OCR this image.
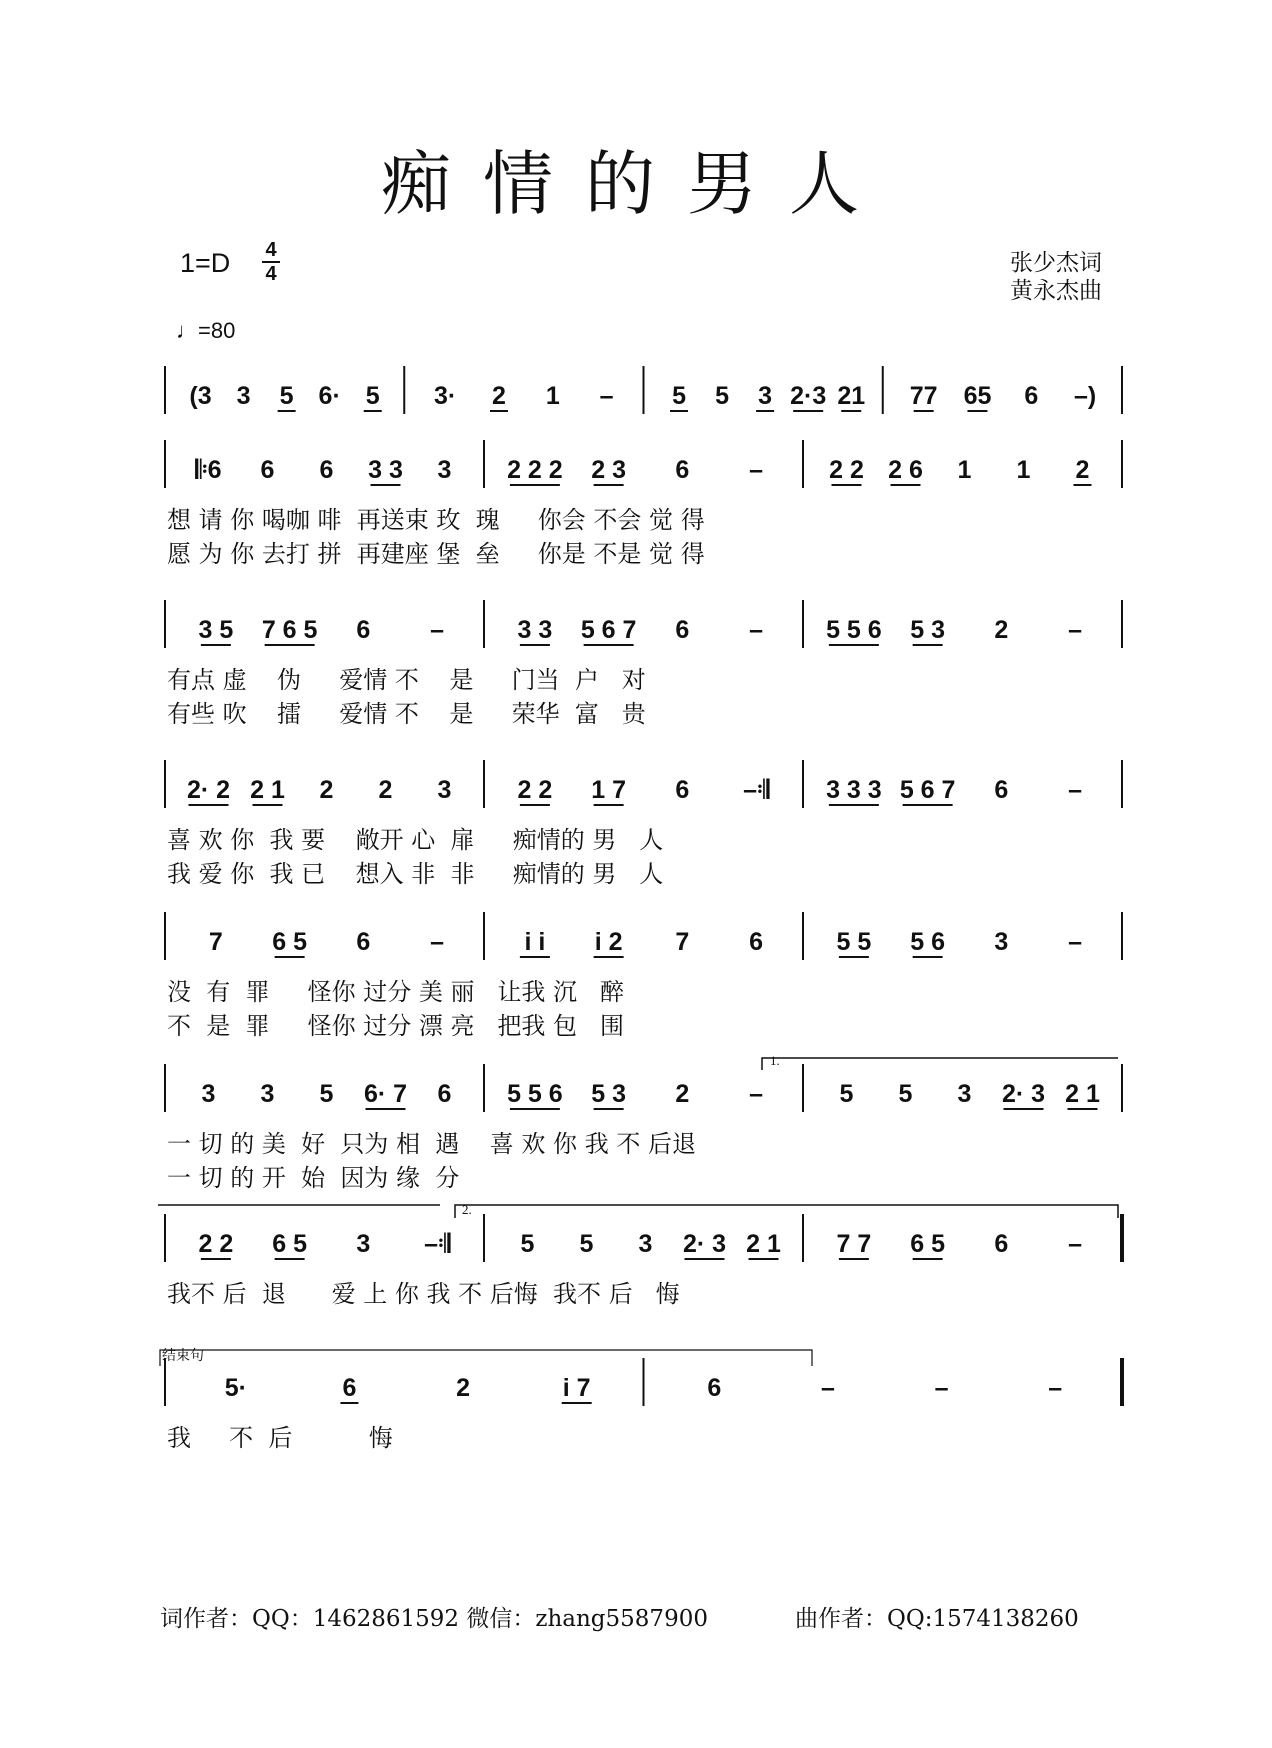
痴情的男人
1=D 4
4
♩=80
张少杰词
黄永杰曲
(3 3 5 6· 5 3· 2 1 – 5 5 3 2·3 21 77 65 6 –)
𝄆6 6 6 3 3 3 2 2 2 2 3 6 –	2 2 2 6 1 1 2
想 请 你 喝咖 啡  再送束 玫  瑰     你会 不会 觉 得
愿 为 你 去打 拼  再建座 堡  垒     你是 不是 觉 得
3 5 7 6 5 6 –	3 3 5 6 7 6 –	5 5 6 5 3 2 –
有点 虚    伪     爱情 不    是     门当  户   对
有些 吹    擂     爱情 不    是     荣华  富   贵
2· 2 2 1 2 2 3	2 2 1 7 6 –𝄇 3 3 3 5 6 7 6 –
喜 欢 你  我 要    敞开 心  扉     痴情的 男   人
我 爱 你  我 已    想入 非  非     痴情的 男   人
7 6 5 6 –	i i i 2 7 6	5 5 5 6 3 –
没  有  罪     怪你 过分 美 丽   让我 沉   醉
不  是  罪     怪你 过分 漂 亮   把我 包   围
3 3 5 6· 7 6 5 5 6 5 3 2 –	5 5 3 2· 3 2 1
一 切 的 美  好  只为 相  遇    喜 欢 你 我 不 后退
一 切 的 开  始  因为 缘  分
2 2 6 5 3 –𝄇	5 5 3 2· 3 2 1 7 7 6 5 6 –
我不 后  退      爱 上 你 我 不 后悔  我不 后   悔
5·	6	2	i 7	6	–	–	–
我     不  后          悔
1.
2.
结束句
词作者：QQ：1462861592 微信：zhang5587900	曲作者：QQ:1574138260
